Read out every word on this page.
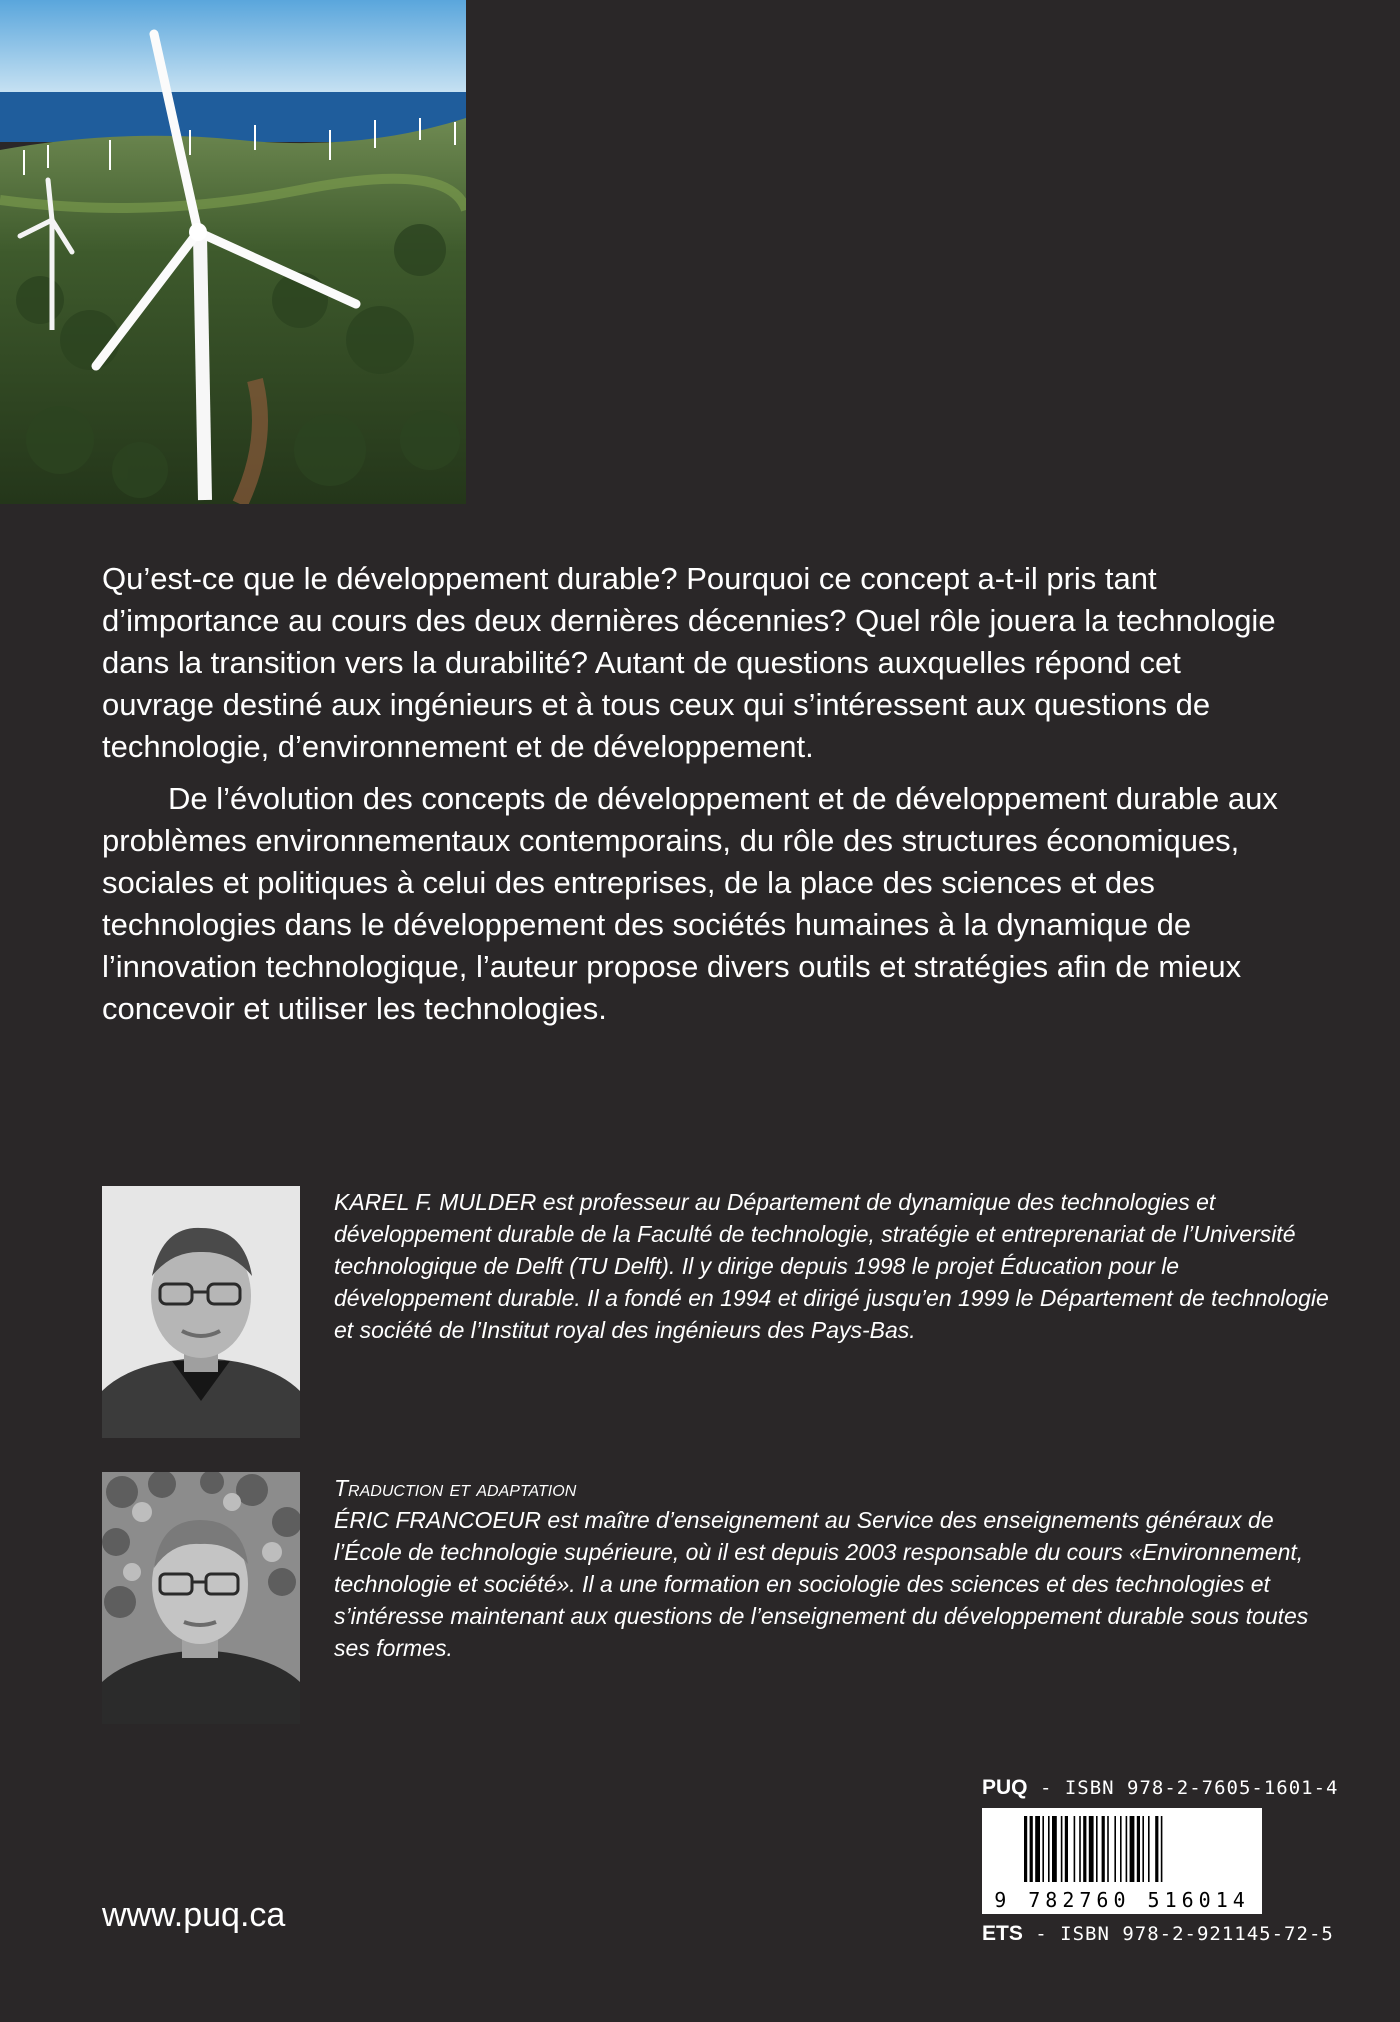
Qu’est-ce que le développement durable? Pourquoi ce concept a-t-il pris tant d’importance au cours des deux dernières décennies? Quel rôle jouera la technologie dans la transition vers la durabilité? Autant de questions auxquelles répond cet ouvrage destiné aux ingénieurs et à tous ceux qui s’intéressent aux questions de technologie, d’environnement et de développement.

De l’évolution des concepts de développement et de développement durable aux problèmes environnementaux contemporains, du rôle des structures économiques, sociales et politiques à celui des entreprises, de la place des sciences et des technologies dans le développement des sociétés humaines à la dynamique de l’innovation technologique, l’auteur propose divers outils et stratégies afin de mieux concevoir et utiliser les technologies.

KAREL F. MULDER est professeur au Département de dynamique des technologies et développement durable de la Faculté de technologie, stratégie et entreprenariat de l’Université technologique de Delft (TU Delft). Il y dirige depuis 1998 le projet Éducation pour le développement durable. Il a fondé en 1994 et dirigé jusqu’en 1999 le Département de technologie et société de l’Institut royal des ingénieurs des Pays-Bas.
Traduction et adaptation
ÉRIC FRANCOEUR est maître d’enseignement au Service des enseignements généraux de l’École de technologie supérieure, où il est depuis 2003 responsable du cours «Environnement, technologie et société». Il a une formation en sociologie des sciences et des technologies et s’intéresse maintenant aux questions de l’enseignement du développement durable sous toutes ses formes.
PUQ - ISBN 978-2-7605-1601-4
9 782760 516014
ETS - ISBN 978-2-921145-72-5
www.puq.ca
